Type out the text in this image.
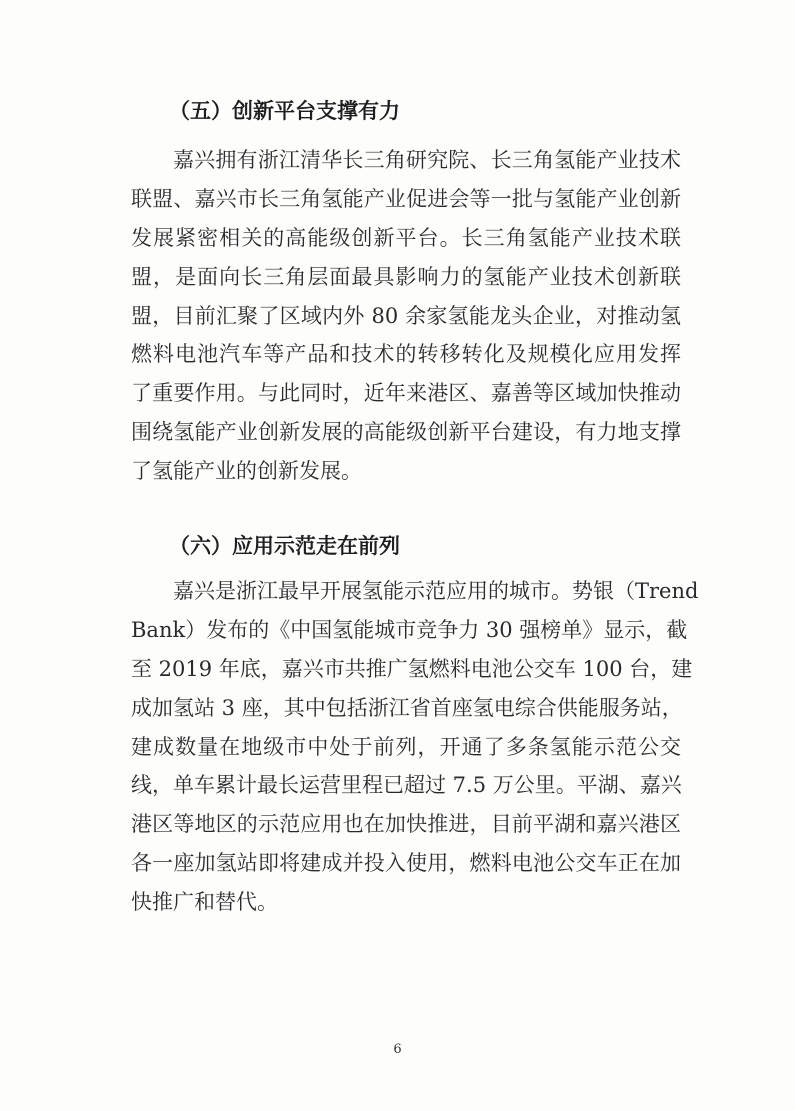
（五）创新平台支撑有力
嘉兴拥有浙江清华长三角研究院、长三角氢能产业技术
联盟、嘉兴市长三角氢能产业促进会等一批与氢能产业创新
发展紧密相关的高能级创新平台。长三角氢能产业技术联
盟，是面向长三角层面最具影响力的氢能产业技术创新联
盟，目前汇聚了区域内外 80 余家氢能龙头企业，对推动氢
燃料电池汽车等产品和技术的转移转化及规模化应用发挥
了重要作用。与此同时，近年来港区、嘉善等区域加快推动
围绕氢能产业创新发展的高能级创新平台建设，有力地支撑
了氢能产业的创新发展。
（六）应用示范走在前列
嘉兴是浙江最早开展氢能示范应用的城市。势银（Trend
Bank）发布的《中国氢能城市竞争力 30 强榜单》显示，截
至 2019 年底，嘉兴市共推广氢燃料电池公交车 100 台，建
成加氢站 3 座，其中包括浙江省首座氢电综合供能服务站，
建成数量在地级市中处于前列，开通了多条氢能示范公交
线，单车累计最长运营里程已超过 7.5 万公里。平湖、嘉兴
港区等地区的示范应用也在加快推进，目前平湖和嘉兴港区
各一座加氢站即将建成并投入使用，燃料电池公交车正在加
快推广和替代。
6
